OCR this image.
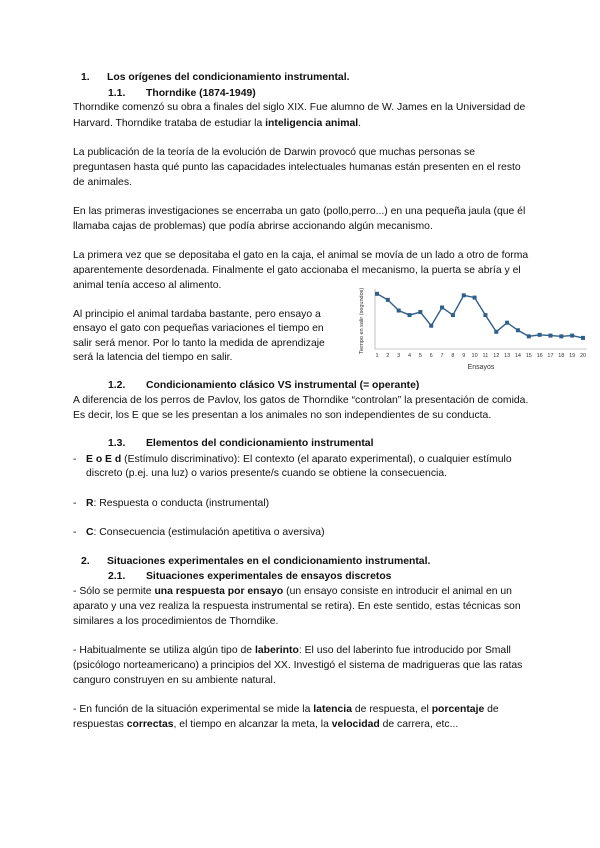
1. Los orígenes del condicionamiento instrumental.
1.1. Thorndike (1874-1949)
Thorndike comenzó su obra a finales del siglo XIX. Fue alumno de W. James en la Universidad de
Harvard. Thorndike trataba de estudiar la inteligencia animal.
La publicación de la teoría de la evolución de Darwin provocó que muchas personas se
preguntasen hasta qué punto las capacidades intelectuales humanas están presenten en el resto
de animales.
En las primeras investigaciones se encerraba un gato (pollo,perro...) en una pequeña jaula (que él
llamaba cajas de problemas) que podía abrirse accionando algún mecanismo.
La primera vez que se depositaba el gato en la caja, el animal se movía de un lado a otro de forma
aparentemente desordenada. Finalmente el gato accionaba el mecanismo, la puerta se abría y el
animal tenía acceso al alimento.
Al principio el animal tardaba bastante, pero ensayo a
ensayo el gato con pequeñas variaciones el tiempo en
salir será menor. Por lo tanto la medida de aprendizaje
será la latencia del tiempo en salir.
Tiempo en salir (segundos)
Ensayos
1 2 3 4 5 6 7 8 9 10 11 12 13 14 15 16 17 18 19 20
1.2. Condicionamiento clásico VS instrumental (= operante)
A diferencia de los perros de Pavlov, los gatos de Thorndike “controlan” la presentación de comida.
Es decir, los E que se les presentan a los animales no son independientes de su conducta.
1.3. Elementos del condicionamiento instrumental
- E o E d (Estímulo discriminativo): El contexto (el aparato experimental), o cualquier estímulo
discreto (p.ej. una luz) o varios presente/s cuando se obtiene la consecuencia.
- R: Respuesta o conducta (instrumental)
- C: Consecuencia (estimulación apetitiva o aversiva)
2. Situaciones experimentales en el condicionamiento instrumental.
2.1. Situaciones experimentales de ensayos discretos
- Sólo se permite una respuesta por ensayo (un ensayo consiste en introducir el animal en un
aparato y una vez realiza la respuesta instrumental se retira). En este sentido, estas técnicas son
similares a los procedimientos de Thorndike.
- Habitualmente se utiliza algún tipo de laberinto: El uso del laberinto fue introducido por Small
(psicólogo norteamericano) a principios del XX. Investigó el sistema de madrigueras que las ratas
canguro construyen en su ambiente natural.
- En función de la situación experimental se mide la latencia de respuesta, el porcentaje de
respuestas correctas, el tiempo en alcanzar la meta, la velocidad de carrera, etc...
